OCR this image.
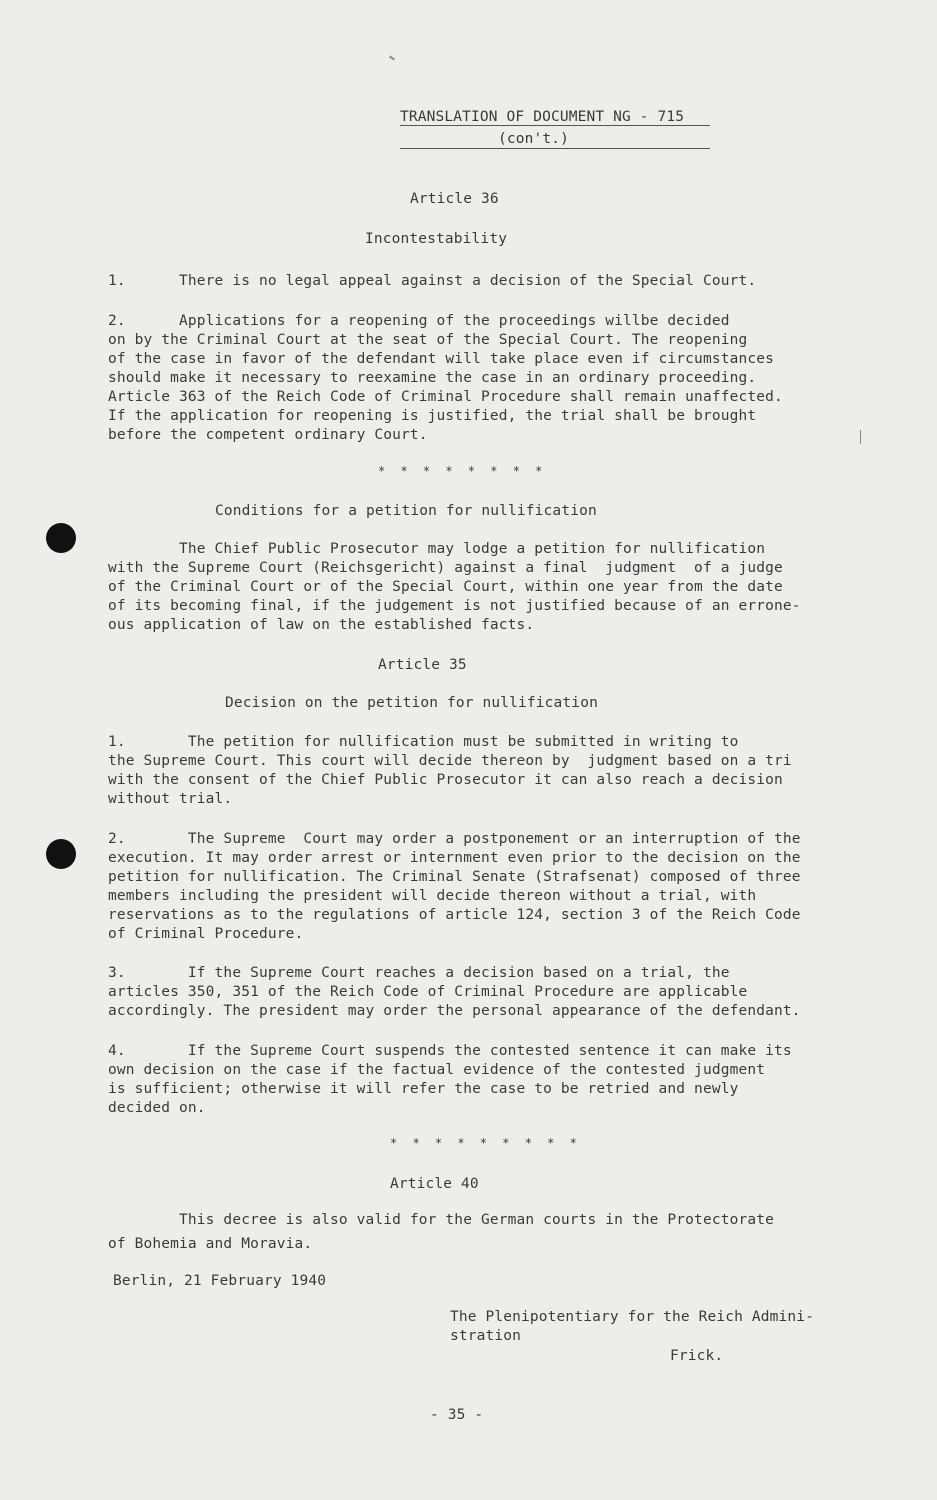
TRANSLATION OF DOCUMENT NG - 715
(con't.)
Article 36
Incontestability
1.      There is no legal appeal against a decision of the Special Court.
2.      Applications for a reopening of the proceedings willbe decided
on by the Criminal Court at the seat of the Special Court. The reopening
of the case in favor of the defendant will take place even if circumstances
should make it necessary to reexamine the case in an ordinary proceeding.
Article 363 of the Reich Code of Criminal Procedure shall remain unaffected.
If the application for reopening is justified, the trial shall be brought
before the competent ordinary Court.
* * * * * * * *
Conditions for a petition for nullification
The Chief Public Prosecutor may lodge a petition for nullification
with the Supreme Court (Reichsgericht) against a final  judgment  of a judge
of the Criminal Court or of the Special Court, within one year from the date
of its becoming final, if the judgement is not justified because of an errone-
ous application of law on the established facts.
Article 35
Decision on the petition for nullification
1.       The petition for nullification must be submitted in writing to
the Supreme Court. This court will decide thereon by  judgment based on a tri
with the consent of the Chief Public Prosecutor it can also reach a decision
without trial.
2.       The Supreme  Court may order a postponement or an interruption of the
execution. It may order arrest or internment even prior to the decision on the
petition for nullification. The Criminal Senate (Strafsenat) composed of three
members including the president will decide thereon without a trial, with
reservations as to the regulations of article 124, section 3 of the Reich Code
of Criminal Procedure.
3.       If the Supreme Court reaches a decision based on a trial, the
articles 350, 351 of the Reich Code of Criminal Procedure are applicable
accordingly. The president may order the personal appearance of the defendant.
4.       If the Supreme Court suspends the contested sentence it can make its
own decision on the case if the factual evidence of the contested judgment
is sufficient; otherwise it will refer the case to be retried and newly
decided on.
* * * * * * * * *
Article 40
This decree is also valid for the German courts in the Protectorate
of Bohemia and Moravia.
Berlin, 21 February 1940
The Plenipotentiary for the Reich Admini-
stration
Frick.
- 35 -
